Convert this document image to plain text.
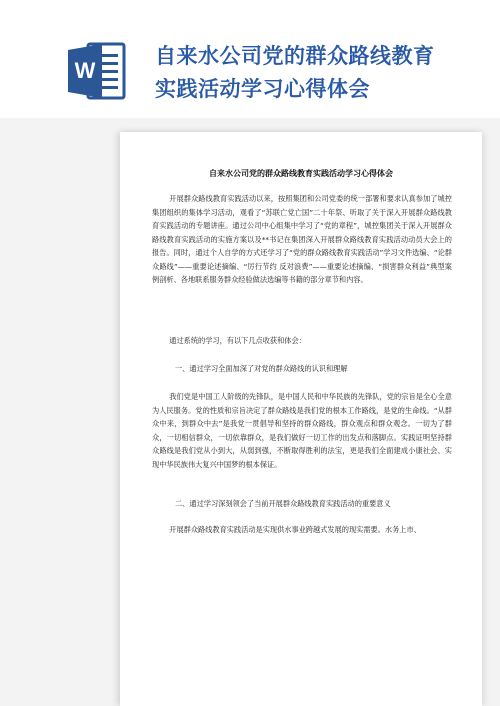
W
自来水公司党的群众路线教育
实践活动学习心得体会
自来水公司党的群众路线教育实践活动学习心得体会
开展群众路线教育实践活动以来，按照集团和公司党委的统一部署和要求认真参加了城控集团组织的集体学习活动，观看了“苏联亡党亡国”二十年祭、听取了关于深入开展群众路线教育实践活动的专题讲座。通过公司中心组集中学习了“党的章程”，城控集团关于深入开展群众路线教育实践活动的实施方案以及**书记在集团深入开展群众路线教育实践活动动员大会上的报告。同时，通过个人自学的方式还学习了“党的群众路线教育实践活动”学习文件选编、“论群众路线”——重要论述摘编、“厉行节约 反对浪费”——重要论述摘编、“损害群众利益”典型案例剖析、各地联系服务群众经验做法选编等书籍的部分章节和内容。
通过系统的学习，有以下几点收获和体会：
一、通过学习全面加深了对党的群众路线的认识和理解
我们党是中国工人阶级的先锋队，是中国人民和中华民族的先锋队，党的宗旨是全心全意为人民服务。党的性质和宗旨决定了群众路线是我们党的根本工作路线，是党的生命线。“从群众中来，到群众中去”是我党一贯倡导和坚持的群众路线，群众观点和群众观念。一切为了群众，一切相信群众，一切依靠群众，是我们做好一切工作的出发点和落脚点。实践证明坚持群众路线是我们党从小到大，从弱到强，不断取得胜利的法宝，更是我们全面建成小康社会、实现中华民族伟大复兴中国梦的根本保证。
二、通过学习深刻领会了当前开展群众路线教育实践活动的重要意义
开展群众路线教育实践活动是实现供水事业跨越式发展的现实需要。水务上市、
